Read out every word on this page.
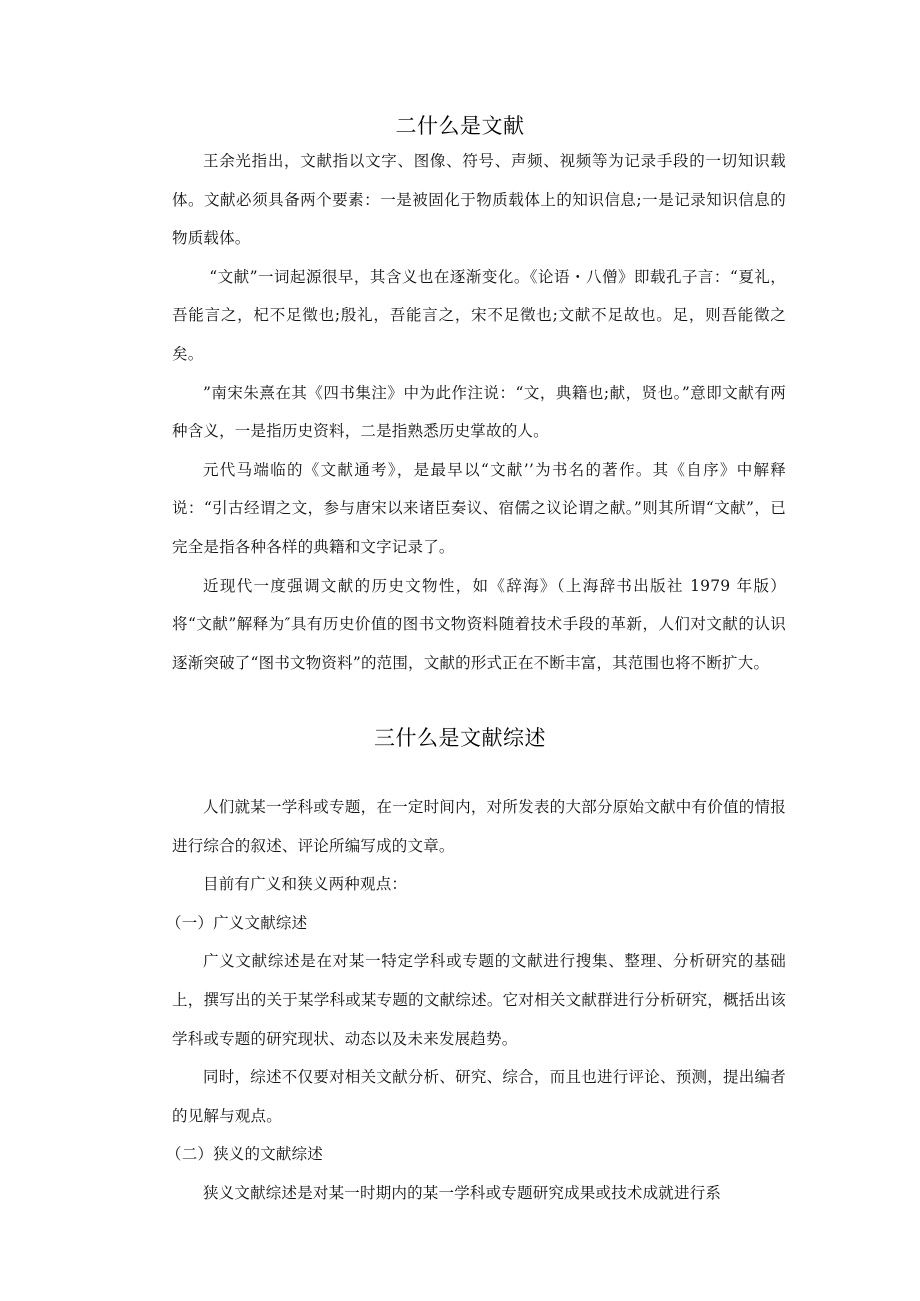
二什么是文献

王余光指出，文献指以文字、图像、符号、声频、视频等为记录手段的一切知识载体。文献必须具备两个要素：一是被固化于物质载体上的知识信息;一是记录知识信息的物质载体。

“文献”一词起源很早，其含义也在逐渐变化。《论语・八僧》即载孔子言：“夏礼，吾能言之，杞不足徵也;殷礼，吾能言之，宋不足徵也;文献不足故也。足，则吾能徵之矣。

”南宋朱熹在其《四书集注》中为此作注说：“文，典籍也;献，贤也。”意即文献有两种含义，一是指历史资料，二是指熟悉历史掌故的人。

元代马端临的《文献通考》，是最早以“文献’’为书名的著作。其《自序》中解释说：“引古经谓之文，参与唐宋以来诸臣奏议、宿儒之议论谓之献。”则其所谓“文献”，已完全是指各种各样的典籍和文字记录了。

近现代一度强调文献的历史文物性，如《辞海》（上海辞书出版社 1979 年版）将“文献”解释为″具有历史价值的图书文物资料随着技术手段的革新，人们对文献的认识逐渐突破了“图书文物资料”的范围，文献的形式正在不断丰富，其范围也将不断扩大。

三什么是文献综述

人们就某一学科或专题，在一定时间内，对所发表的大部分原始文献中有价值的情报进行综合的叙述、评论所编写成的文章。

目前有广义和狭义两种观点：

（一）广义文献综述

广义文献综述是在对某一特定学科或专题的文献进行搜集、整理、分析研究的基础上，撰写出的关于某学科或某专题的文献综述。它对相关文献群进行分析研究，概括出该学科或专题的研究现状、动态以及未来发展趋势。

同时，综述不仅要对相关文献分析、研究、综合，而且也进行评论、预测，提出编者的见解与观点。

（二）狭义的文献综述

狭义文献综述是对某一时期内的某一学科或专题研究成果或技术成就进行系
